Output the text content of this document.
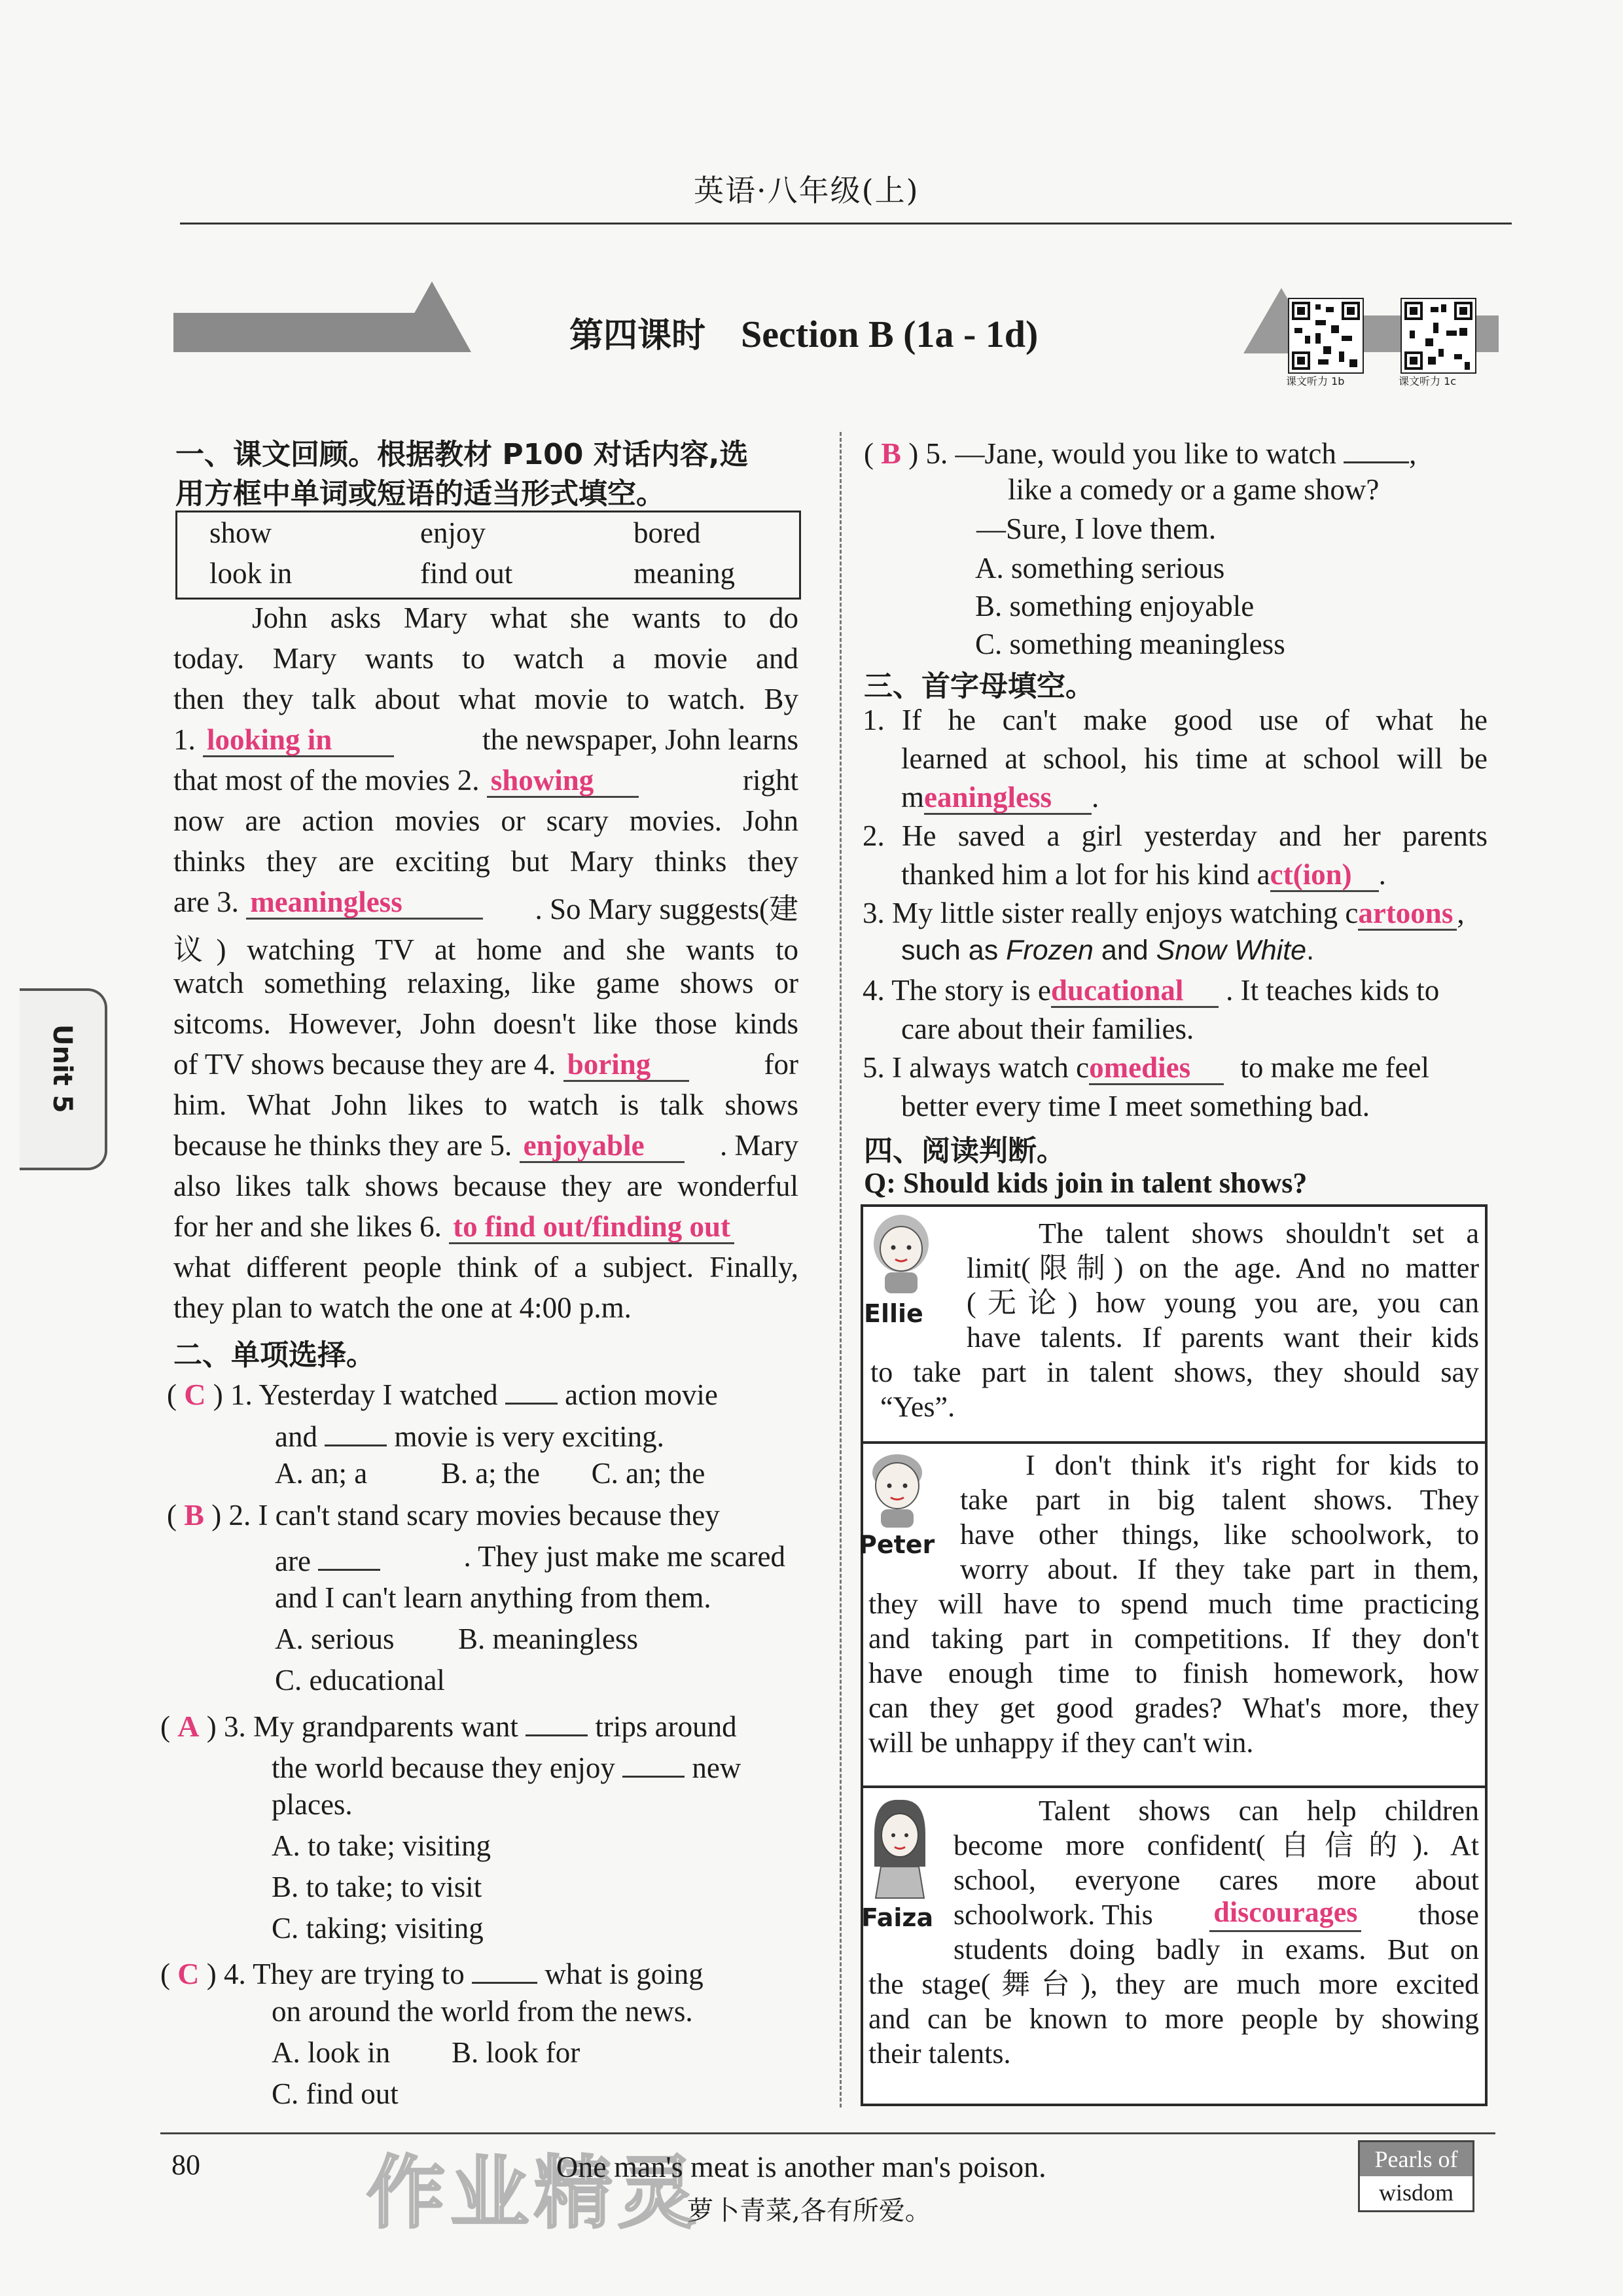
英语·八年级(上)
第四课时 Section B (1a - 1d)
课文听力 1b	课文听力 1c
Unit 5
一、课文回顾。根据教材 P100 对话内容,选
用方框中单词或短语的适当形式填空。
show	enjoy	bored
look in	find out	meaning
John asks Mary what she wants to do
today. Mary wants to watch a movie and
then they talk about what movie to watch. By
1. looking in	the newspaper, John learns
that most of the movies 2. showing	right
now are action movies or scary movies. John
thinks they are exciting but Mary thinks they
are 3. meaningless	. So Mary suggests(建
议) watching TV at home and she wants to
watch something relaxing, like game shows or
sitcoms. However, John doesn't like those kinds
of TV shows because they are 4. boring	for
him. What John likes to watch is talk shows
because he thinks they are 5. enjoyable	. Mary
also likes talk shows because they are wonderful
for her and she likes 6. to find out/finding out
what different people think of a subject. Finally,
they plan to watch the one at 4:00 p.m.
二、单项选择。
( C ) 1. Yesterday I watched action movie
and	movie is very exciting.
A. an; a          B. a; the       C. an; the
( B ) 2. I can't stand scary movies because they
are	. They just make me scared
and I can't learn anything from them.
A. serious B. meaningless
C. educational
( A ) 3. My grandparents want	trips around
the world because they enjoy	new
places.
A. to take; visiting
B. to take; to visit
C. taking; visiting
( C ) 4. They are trying to	what is going
on around the world from the news.
A. look in B. look for
C. find out
( B ) 5. —Jane, would you like to watch ,
like a comedy or a game show?
—Sure, I love them.
A. something serious
B. something enjoyable
C. something meaningless
三、首字母填空。
1. If he can't make good use of what he
learned at school, his time at school will be
meaningless .
2. He saved a girl yesterday and her parents
thanked him a lot for his kind act(ion) .
3. My little sister really enjoys watching cartoons ,
such as Frozen and Snow White.
4. The story is educational . It teaches kids to
care about their families.
5. I always watch comedies to make me feel
better every time I meet something bad.
四、阅读判断。
Q: Should kids join in talent shows?
Ellie
The talent shows shouldn't set a
limit(限制) on the age. And no matter
(无论) how young you are, you can
have talents. If parents want their kids
to take part in talent shows, they should say
“Yes”.
Peter
I don't think it's right for kids to
take part in big talent shows. They
have other things, like schoolwork, to
worry about. If they take part in them,
they will have to spend much time practicing
and taking part in competitions. If they don't
have enough time to finish homework, how
can they get good grades? What's more, they
will be unhappy if they can't win.
Faiza
Talent shows can help children
become more confident(自信的). At
school, everyone cares more about
schoolwork. This discourages those
students doing badly in exams. But on
the stage(舞台), they are much more excited
and can be known to more people by showing
their talents.
80 作业精灵
One man's meat is another man's poison.
萝卜青菜,各有所爱。
Pearls of
wisdom
